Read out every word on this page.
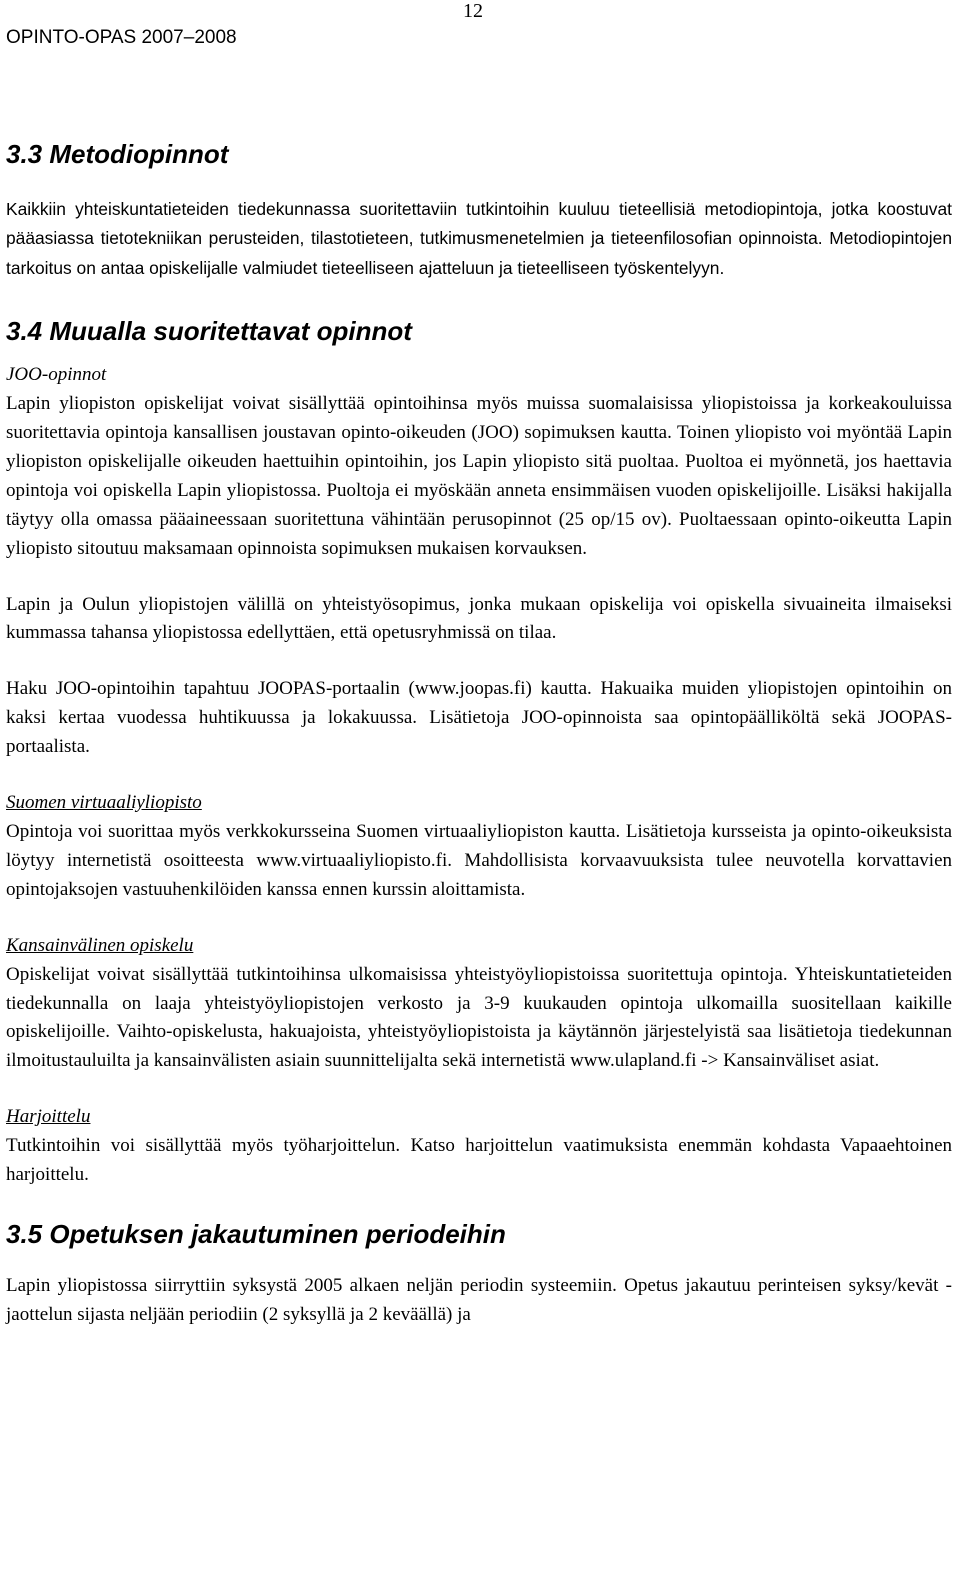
12
OPINTO-OPAS 2007–2008
3.3 Metodiopinnot

Kaikkiin yhteiskuntatieteiden tiedekunnassa suoritettaviin tutkintoihin kuuluu tieteellisiä metodiopintoja, jotka koostuvat pääasiassa tietotekniikan perusteiden, tilastotieteen, tutkimusmenetelmien ja tieteenfilosofian opinnoista. Metodiopintojen tarkoitus on antaa opiskelijalle valmiudet tieteelliseen ajatteluun ja tieteelliseen työskentelyyn.

3.4 Muualla suoritettavat opinnot
JOO-opinnot

Lapin yliopiston opiskelijat voivat sisällyttää opintoihinsa myös muissa suomalaisissa yliopistoissa ja korkeakouluissa suoritettavia opintoja kansallisen joustavan opinto-oikeuden (JOO) sopimuksen kautta. Toinen yliopisto voi myöntää Lapin yliopiston opiskelijalle oikeuden haettuihin opintoihin, jos Lapin yliopisto sitä puoltaa. Puoltoa ei myönnetä, jos haettavia opintoja voi opiskella Lapin yliopistossa. Puoltoja ei myöskään anneta ensimmäisen vuoden opiskelijoille. Lisäksi hakijalla täytyy olla omassa pääaineessaan suoritettuna vähintään perusopinnot (25 op/15 ov). Puoltaessaan opinto-oikeutta Lapin yliopisto sitoutuu maksamaan opinnoista sopimuksen mukaisen korvauksen.

Lapin ja Oulun yliopistojen välillä on yhteistyösopimus, jonka mukaan opiskelija voi opiskella sivuaineita ilmaiseksi kummassa tahansa yliopistossa edellyttäen, että opetusryhmissä on tilaa.

Haku JOO-opintoihin tapahtuu JOOPAS-portaalin (www.joopas.fi) kautta. Hakuaika muiden yliopistojen opintoihin on kaksi kertaa vuodessa huhtikuussa ja lokakuussa. Lisätietoja JOO-opinnoista saa opintopäälliköltä sekä JOOPAS-portaalista.

Suomen virtuaaliyliopisto

Opintoja voi suorittaa myös verkkokursseina Suomen virtuaaliyliopiston kautta. Lisätietoja kursseista ja opinto-oikeuksista löytyy internetistä osoitteesta www.virtuaaliyliopisto.fi. Mahdollisista korvaavuuksista tulee neuvotella korvattavien opintojaksojen vastuuhenkilöiden kanssa ennen kurssin aloittamista.

Kansainvälinen opiskelu

Opiskelijat voivat sisällyttää tutkintoihinsa ulkomaisissa yhteistyöyliopistoissa suoritettuja opintoja. Yhteiskuntatieteiden tiedekunnalla on laaja yhteistyöyliopistojen verkosto ja 3-9 kuukauden opintoja ulkomailla suositellaan kaikille opiskelijoille. Vaihto-opiskelusta, hakuajoista, yhteistyöyliopistoista ja käytännön järjestelyistä saa lisätietoja tiedekunnan ilmoitustauluilta ja kansainvälisten asiain suunnittelijalta sekä internetistä www.ulapland.fi -> Kansainväliset asiat.

Harjoittelu

Tutkintoihin voi sisällyttää myös työharjoittelun. Katso harjoittelun vaatimuksista enemmän kohdasta Vapaaehtoinen harjoittelu.

3.5 Opetuksen jakautuminen periodeihin

Lapin yliopistossa siirryttiin syksystä 2005 alkaen neljän periodin systeemiin. Opetus jakautuu perinteisen syksy/kevät -jaottelun sijasta neljään periodiin (2 syksyllä ja 2 keväällä) ja
